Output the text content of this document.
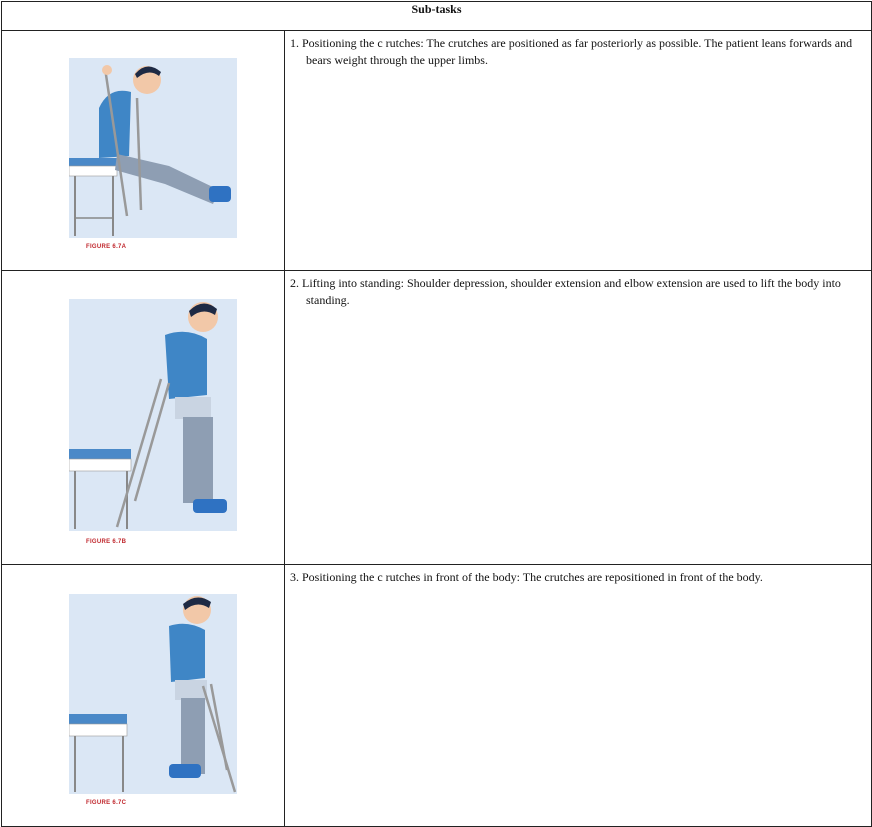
Sub-tasks	

FIGURE 6.7A	1. Positioning the c rutches: The crutches are positioned as far posteriorly as possible. The patient leans forwards and bears weight through the upper limbs.

FIGURE 6.7B	2. Lifting into standing: Shoulder depression, shoulder extension and elbow extension are used to lift the body into standing.

FIGURE 6.7C	3. Positioning the c rutches in front of the body: The crutches are repositioned in front of the body.
